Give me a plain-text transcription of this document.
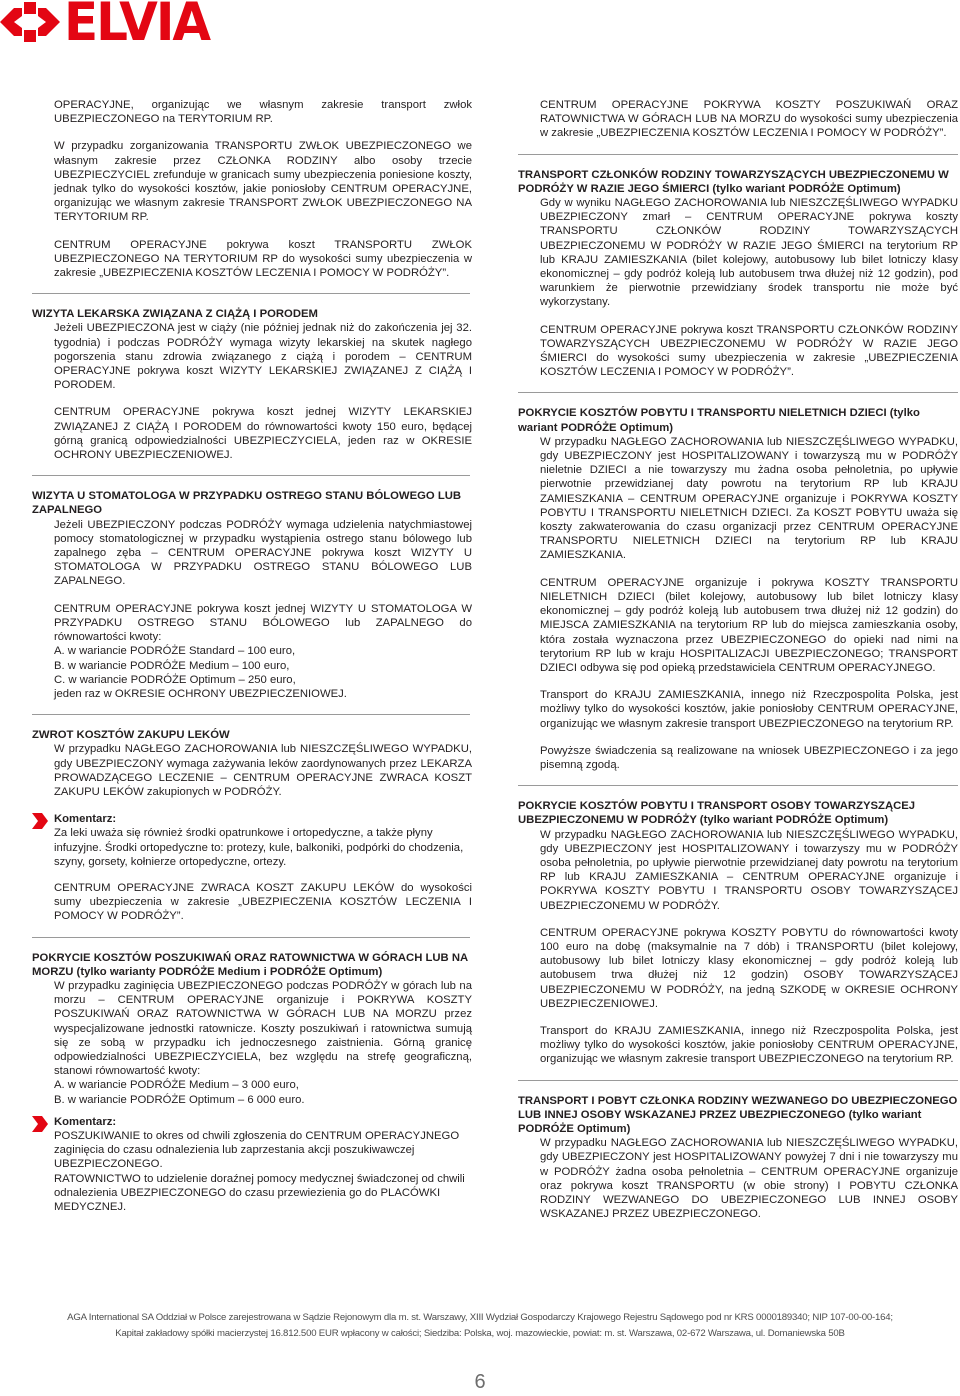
ELVIA

OPERACYJNE, organizując we własnym zakresie transport zwłok UBEZPIECZONEGO na TERYTORIUM RP.

W przypadku zorganizowania TRANSPORTU ZWŁOK UBEZPIECZONEGO we własnym zakresie przez CZŁONKA RODZINY albo osoby trzecie UBEZPIECZYCIEL zrefunduje w granicach sumy ubezpieczenia poniesione koszty, jednak tylko do wysokości kosztów, jakie poniosłoby CENTRUM OPERACYJNE, organizując we własnym zakresie TRANSPORT ZWŁOK UBEZPIECZONEGO NA TERYTORIUM RP.

CENTRUM OPERACYJNE pokrywa koszt TRANSPORTU ZWŁOK UBEZPIECZONEGO NA TERYTORIUM RP do wysokości sumy ubezpieczenia w zakresie „UBEZPIECZENIA KOSZTÓW LECZENIA I POMOCY W PODRÓŻY”.

WIZYTA LEKARSKA ZWIĄZANA Z CIĄŻĄ I PORODEM

Jeżeli UBEZPIECZONA jest w ciąży (nie później jednak niż do zakończenia jej 32. tygodnia) i podczas PODRÓŻY wymaga wizyty lekarskiej na skutek nagłego pogorszenia stanu zdrowia związanego z ciążą i porodem – CENTRUM OPERACYJNE pokrywa koszt WIZYTY LEKARSKIEJ ZWIĄZANEJ Z CIĄŻĄ I PORODEM.

CENTRUM OPERACYJNE pokrywa koszt jednej WIZYTY LEKARSKIEJ ZWIĄZANEJ Z CIĄŻĄ I PORODEM do równowartości kwoty 150 euro, będącej górną granicą odpowiedzialności UBEZPIECZYCIELA, jeden raz w OKRESIE OCHRONY UBEZPIECZENIOWEJ.

WIZYTA U STOMATOLOGA W PRZYPADKU OSTREGO STANU BÓLOWEGO LUB ZAPALNEGO

Jeżeli UBEZPIECZONY podczas PODRÓŻY wymaga udzielenia natychmiastowej pomocy stomatologicznej w przypadku wystąpienia ostrego stanu bólowego lub zapalnego zęba – CENTRUM OPERACYJNE pokrywa koszt WIZYTY U STOMATOLOGA W PRZYPADKU OSTREGO STANU BÓLOWEGO LUB ZAPALNEGO.

CENTRUM OPERACYJNE pokrywa koszt jednej WIZYTY U STOMATOLOGA W PRZYPADKU OSTREGO STANU BÓLOWEGO lub ZAPALNEGO do równowartości kwoty:

A. w wariancie PODRÓŻE Standard – 100 euro,
B. w wariancie PODRÓŻE Medium – 100 euro,
C. w wariancie PODRÓŻE Optimum – 250 euro,
jeden raz w OKRESIE OCHRONY UBEZPIECZENIOWEJ.
ZWROT KOSZTÓW ZAKUPU LEKÓW

W przypadku NAGŁEGO ZACHOROWANIA lub NIESZCZĘŚLIWEGO WYPADKU, gdy UBEZPIECZONY wymaga zażywania leków zaordynowanych przez LEKARZA PROWADZĄCEGO LECZENIE – CENTRUM OPERACYJNE ZWRACA KOSZT ZAKUPU LEKÓW zakupionych w PODRÓŻY.

Komentarz:
Za leki uważa się również środki opatrunkowe i ortopedyczne, a także płyny infuzyjne. Środki ortopedyczne to: protezy, kule, balkoniki, podpórki do chodzenia, szyny, gorsety, kołnierze ortopedyczne, ortezy.

CENTRUM OPERACYJNE ZWRACA KOSZT ZAKUPU LEKÓW do wysokości sumy ubezpieczenia w zakresie „UBEZPIECZENIA KOSZTÓW LECZENIA I POMOCY W PODRÓŻY”.

POKRYCIE KOSZTÓW POSZUKIWAŃ ORAZ RATOWNICTWA W GÓRACH LUB NA MORZU (tylko warianty PODRÓŻE Medium i PODRÓŻE Optimum)

W przypadku zaginięcia UBEZPIECZONEGO podczas PODRÓŻY w górach lub na morzu – CENTRUM OPERACYJNE organizuje i POKRYWA KOSZTY POSZUKIWAŃ ORAZ RATOWNICTWA W GÓRACH LUB NA MORZU przez wyspecjalizowane jednostki ratownicze. Koszty poszukiwań i ratownictwa sumują się ze sobą w przypadku ich jednoczesnego zaistnienia. Górną granicę odpowiedzialności UBEZPIECZYCIELA, bez względu na strefę geograficzną, stanowi równowartość kwoty:

A. w wariancie PODRÓŻE Medium – 3 000 euro,
B. w wariancie PODRÓŻE Optimum – 6 000 euro.
Komentarz:
POSZUKIWANIE to okres od chwili zgłoszenia do CENTRUM OPERACYJNEGO zaginięcia do czasu odnalezienia lub zaprzestania akcji poszukiwawczej UBEZPIECZONEGO.
RATOWNICTWO to udzielenie doraźnej pomocy medycznej świadczonej od chwili odnalezienia UBEZPIECZONEGO do czasu przewiezienia go do PLACÓWKI MEDYCZNEJ.

CENTRUM OPERACYJNE POKRYWA KOSZTY POSZUKIWAŃ ORAZ RATOWNICTWA W GÓRACH LUB NA MORZU do wysokości sumy ubezpieczenia w zakresie „UBEZPIECZENIA KOSZTÓW LECZENIA I POMOCY W PODRÓŻY”.

TRANSPORT CZŁONKÓW RODZINY TOWARZYSZĄCYCH UBEZPIECZONEMU W PODRÓŻY W RAZIE JEGO ŚMIERCI (tylko wariant PODRÓŻE Optimum)

Gdy w wyniku NAGŁEGO ZACHOROWANIA lub NIESZCZĘŚLIWEGO WYPADKU UBEZPIECZONY zmarł – CENTRUM OPERACYJNE pokrywa koszty TRANSPORTU CZŁONKÓW RODZINY TOWARZYSZĄCYCH UBEZPIECZONEMU W PODRÓŻY W RAZIE JEGO ŚMIERCI na terytorium RP lub KRAJU ZAMIESZKANIA (bilet kolejowy, autobusowy lub bilet lotniczy klasy ekonomicznej – gdy podróż koleją lub autobusem trwa dłużej niż 12 godzin), pod warunkiem że pierwotnie przewidziany środek transportu nie może być wykorzystany.

CENTRUM OPERACYJNE pokrywa koszt TRANSPORTU CZŁONKÓW RODZINY TOWARZYSZĄCYCH UBEZPIECZONEMU W PODRÓŻY W RAZIE JEGO ŚMIERCI do wysokości sumy ubezpieczenia w zakresie „UBEZPIECZENIA KOSZTÓW LECZENIA I POMOCY W PODRÓŻY”.

POKRYCIE KOSZTÓW POBYTU I TRANSPORTU NIELETNICH DZIECI (tylko wariant PODRÓŻE Optimum)

W przypadku NAGŁEGO ZACHOROWANIA lub NIESZCZĘŚLIWEGO WYPADKU, gdy UBEZPIECZONY jest HOSPITALIZOWANY i towarzyszą mu w PODRÓŻY nieletnie DZIECI a nie towarzyszy mu żadna osoba pełnoletnia, po upływie pierwotnie przewidzianej daty powrotu na terytorium RP lub KRAJU ZAMIESZKANIA – CENTRUM OPERACYJNE organizuje i POKRYWA KOSZTY POBYTU I TRANSPORTU NIELETNICH DZIECI. Za KOSZT POBYTU uważa się koszty zakwaterowania do czasu organizacji przez CENTRUM OPERACYJNE TRANSPORTU NIELETNICH DZIECI na terytorium RP lub KRAJU ZAMIESZKANIA.

CENTRUM OPERACYJNE organizuje i pokrywa KOSZTY TRANSPORTU NIELETNICH DZIECI (bilet kolejowy, autobusowy lub bilet lotniczy klasy ekonomicznej – gdy podróż koleją lub autobusem trwa dłużej niż 12 godzin) do MIEJSCA ZAMIESZKANIA na terytorium RP lub do miejsca zamieszkania osoby, która została wyznaczona przez UBEZPIECZONEGO do opieki nad nimi na terytorium RP lub w kraju HOSPITALIZACJI UBEZPIECZONEGO; TRANSPORT DZIECI odbywa się pod opieką przedstawiciela CENTRUM OPERACYJNEGO.

Transport do KRAJU ZAMIESZKANIA, innego niż Rzeczpospolita Polska, jest możliwy tylko do wysokości kosztów, jakie poniosłoby CENTRUM OPERACYJNE, organizując we własnym zakresie transport UBEZPIECZONEGO na terytorium RP.

Powyższe świadczenia są realizowane na wniosek UBEZPIECZONEGO i za jego pisemną zgodą.

POKRYCIE KOSZTÓW POBYTU I TRANSPORT OSOBY TOWARZYSZĄCEJ UBEZPIECZONEMU W PODRÓŻY (tylko wariant PODRÓŻE Optimum)

W przypadku NAGŁEGO ZACHOROWANIA lub NIESZCZĘŚLIWEGO WYPADKU, gdy UBEZPIECZONY jest HOSPITALIZOWANY i towarzyszy mu w PODRÓŻY osoba pełnoletnia, po upływie pierwotnie przewidzianej daty powrotu na terytorium RP lub KRAJU ZAMIESZKANIA – CENTRUM OPERACYJNE organizuje i POKRYWA KOSZTY POBYTU I TRANSPORTU OSOBY TOWARZYSZĄCEJ UBEZPIECZONEMU W PODRÓŻY.

CENTRUM OPERACYJNE pokrywa KOSZTY POBYTU do równowartości kwoty 100 euro na dobę (maksymalnie na 7 dób) i TRANSPORTU (bilet kolejowy, autobusowy lub bilet lotniczy klasy ekonomicznej – gdy podróż koleją lub autobusem trwa dłużej niż 12 godzin) OSOBY TOWARZYSZĄCEJ UBEZPIECZONEMU W PODRÓŻY, na jedną SZKODĘ w OKRESIE OCHRONY UBEZPIECZENIOWEJ.

Transport do KRAJU ZAMIESZKANIA, innego niż Rzeczpospolita Polska, jest możliwy tylko do wysokości kosztów, jakie poniosłoby CENTRUM OPERACYJNE, organizując we własnym zakresie transport UBEZPIECZONEGO na terytorium RP.

TRANSPORT I POBYT CZŁONKA RODZINY WEZWANEGO DO UBEZPIECZONEGO LUB INNEJ OSOBY WSKAZANEJ PRZEZ UBEZPIECZONEGO (tylko wariant PODRÓŻE Optimum)

W przypadku NAGŁEGO ZACHOROWANIA lub NIESZCZĘŚLIWEGO WYPADKU, gdy UBEZPIECZONY jest HOSPITALIZOWANY powyżej 7 dni i nie towarzyszy mu w PODRÓŻY żadna osoba pełnoletnia – CENTRUM OPERACYJNE organizuje oraz pokrywa koszt TRANSPORTU (w obie strony) I POBYTU CZŁONKA RODZINY WEZWANEGO DO UBEZPIECZONEGO LUB INNEJ OSOBY WSKAZANEJ PRZEZ UBEZPIECZONEGO.

AGA International SA Oddział w Polsce zarejestrowana w Sądzie Rejonowym dla m. st. Warszawy, XIII Wydział Gospodarczy Krajowego Rejestru Sądowego pod nr KRS 0000189340; NIP 107-00-00-164;
Kapitał zakładowy spółki macierzystej 16.812.500 EUR wpłacony w całości; Siedziba: Polska, woj. mazowieckie, powiat: m. st. Warszawa, 02-672 Warszawa, ul. Domaniewska 50B
6
